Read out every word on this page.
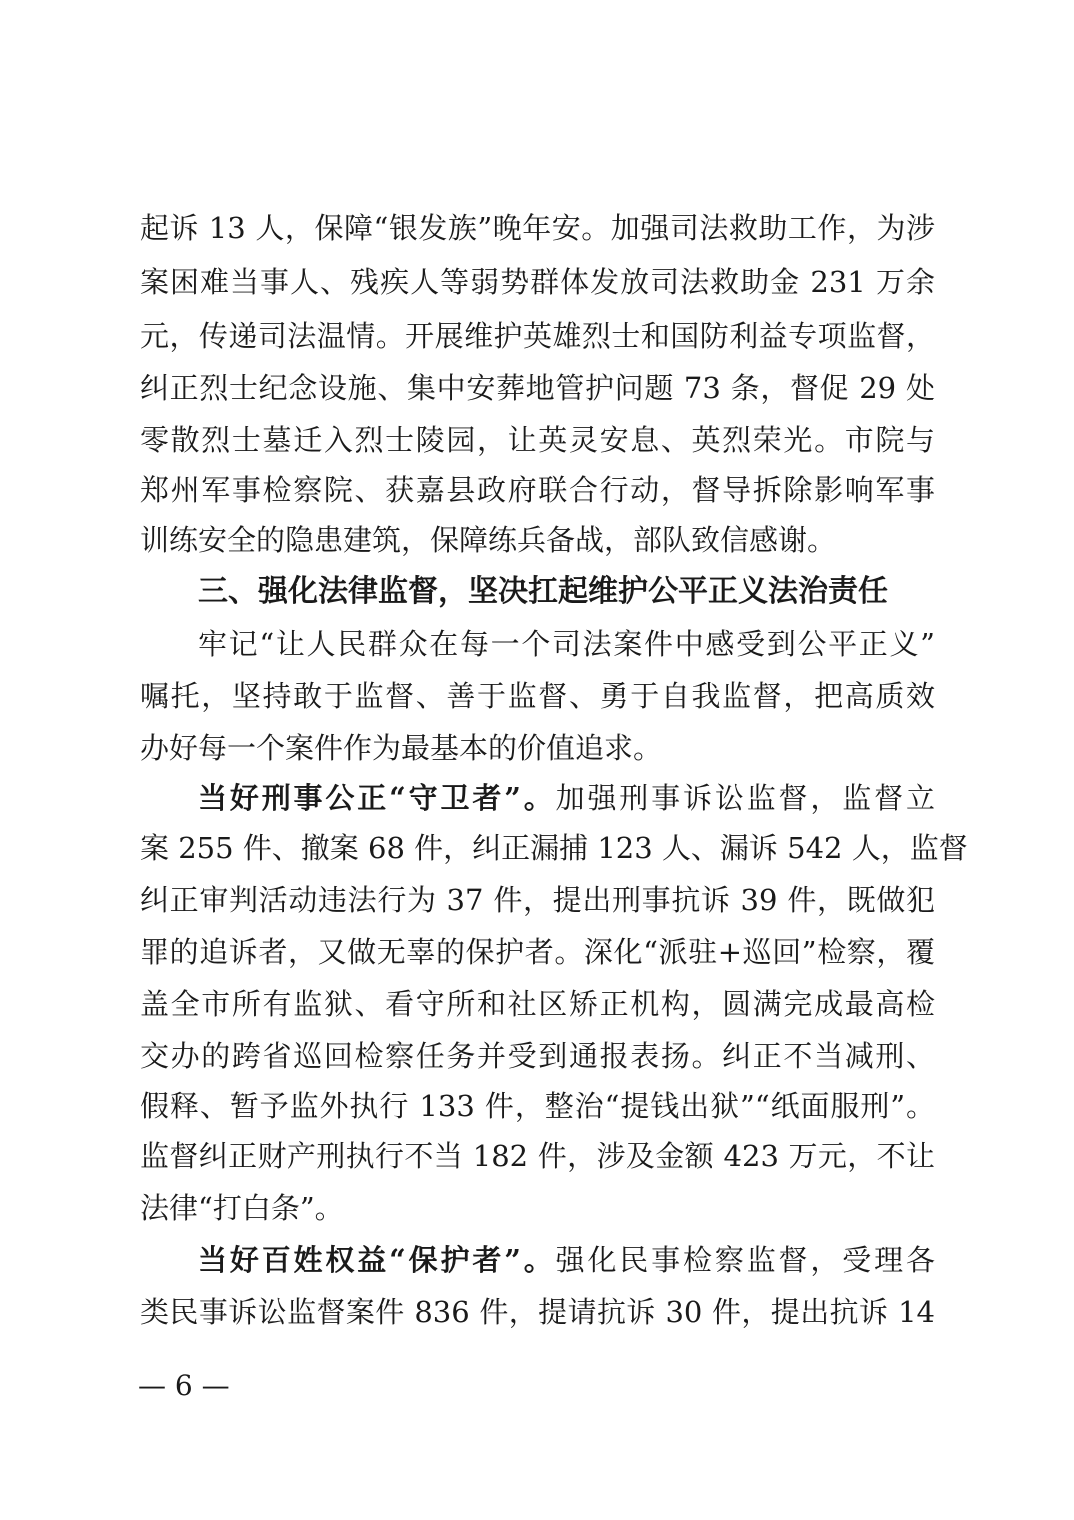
起诉 13 人，保障“银发族”晚年安。加强司法救助工作，为涉
案困难当事人、残疾人等弱势群体发放司法救助金 231 万余
元，传递司法温情。开展维护英雄烈士和国防利益专项监督，
纠正烈士纪念设施、集中安葬地管护问题 73 条，督促 29 处
零散烈士墓迁入烈士陵园，让英灵安息、英烈荣光。市院与
郑州军事检察院、获嘉县政府联合行动，督导拆除影响军事
训练安全的隐患建筑，保障练兵备战，部队致信感谢。
三、强化法律监督，坚决扛起维护公平正义法治责任
牢记“让人民群众在每一个司法案件中感受到公平正义”
嘱托，坚持敢于监督、善于监督、勇于自我监督，把高质效
办好每一个案件作为最基本的价值追求。
当好刑事公正“守卫者”。加强刑事诉讼监督，监督立
案 255 件、撤案 68 件，纠正漏捕 123 人、漏诉 542 人，监督
纠正审判活动违法行为 37 件，提出刑事抗诉 39 件，既做犯
罪的追诉者，又做无辜的保护者。深化“派驻+巡回”检察，覆
盖全市所有监狱、看守所和社区矫正机构，圆满完成最高检
交办的跨省巡回检察任务并受到通报表扬。纠正不当减刑、
假释、暂予监外执行 133 件，整治“提钱出狱”“纸面服刑”。
监督纠正财产刑执行不当 182 件，涉及金额 423 万元，不让
法律“打白条”。
当好百姓权益“保护者”。强化民事检察监督，受理各
类民事诉讼监督案件 836 件，提请抗诉 30 件，提出抗诉 14
— 6 —
